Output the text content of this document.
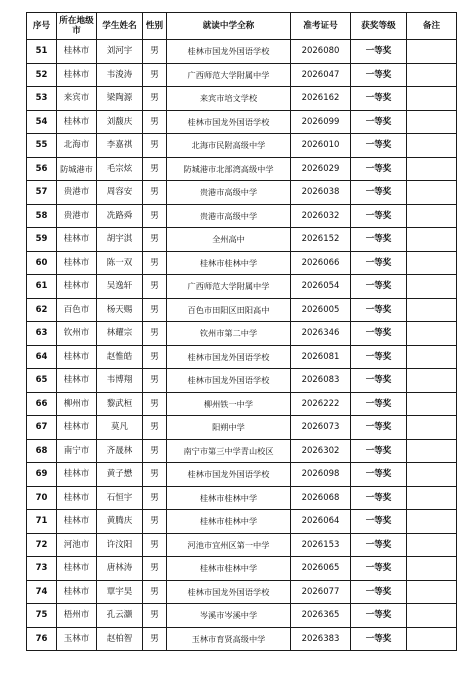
序号	所在地级市	学生姓名	性别	就读中学全称	准考证号	获奖等级	备注
51	桂林市	刘河宇	男	桂林市国龙外国语学校	2026080	一等奖	
52	桂林市	韦浚涛	男	广西师范大学附属中学	2026047	一等奖	
53	来宾市	梁陶源	男	来宾市培文学校	2026162	一等奖	
54	桂林市	刘馥庆	男	桂林市国龙外国语学校	2026099	一等奖	
55	北海市	李嘉祺	男	北海市民附高级中学	2026010	一等奖	
56	防城港市	毛宗炫	男	防城港市北部湾高级中学	2026029	一等奖	
57	贵港市	周容安	男	贵港市高级中学	2026038	一等奖	
58	贵港市	冼路舜	男	贵港市高级中学	2026032	一等奖	
59	桂林市	胡宇淇	男	全州高中	2026152	一等奖	
60	桂林市	陈一双	男	桂林市桂林中学	2026066	一等奖	
61	桂林市	吴逸轩	男	广西师范大学附属中学	2026054	一等奖	
62	百色市	杨天赐	男	百色市田阳区田阳高中	2026005	一等奖	
63	钦州市	林耀宗	男	钦州市第二中学	2026346	一等奖	
64	桂林市	赵惟皓	男	桂林市国龙外国语学校	2026081	一等奖	
65	桂林市	韦博翔	男	桂林市国龙外国语学校	2026083	一等奖	
66	柳州市	黎武桓	男	柳州铁一中学	2026222	一等奖	
67	桂林市	莫凡	男	阳朔中学	2026073	一等奖	
68	南宁市	齐晟林	男	南宁市第三中学青山校区	2026302	一等奖	
69	桂林市	黄子懋	男	桂林市国龙外国语学校	2026098	一等奖	
70	桂林市	石恒宇	男	桂林市桂林中学	2026068	一等奖	
71	桂林市	黄腾庆	男	桂林市桂林中学	2026064	一等奖	
72	河池市	许汶阳	男	河池市宜州区第一中学	2026153	一等奖	
73	桂林市	唐林涛	男	桂林市桂林中学	2026065	一等奖	
74	桂林市	覃宇昊	男	桂林市国龙外国语学校	2026077	一等奖	
75	梧州市	孔云灏	男	岑溪市岑溪中学	2026365	一等奖	
76	玉林市	赵柏智	男	玉林市育贤高级中学	2026383	一等奖	
